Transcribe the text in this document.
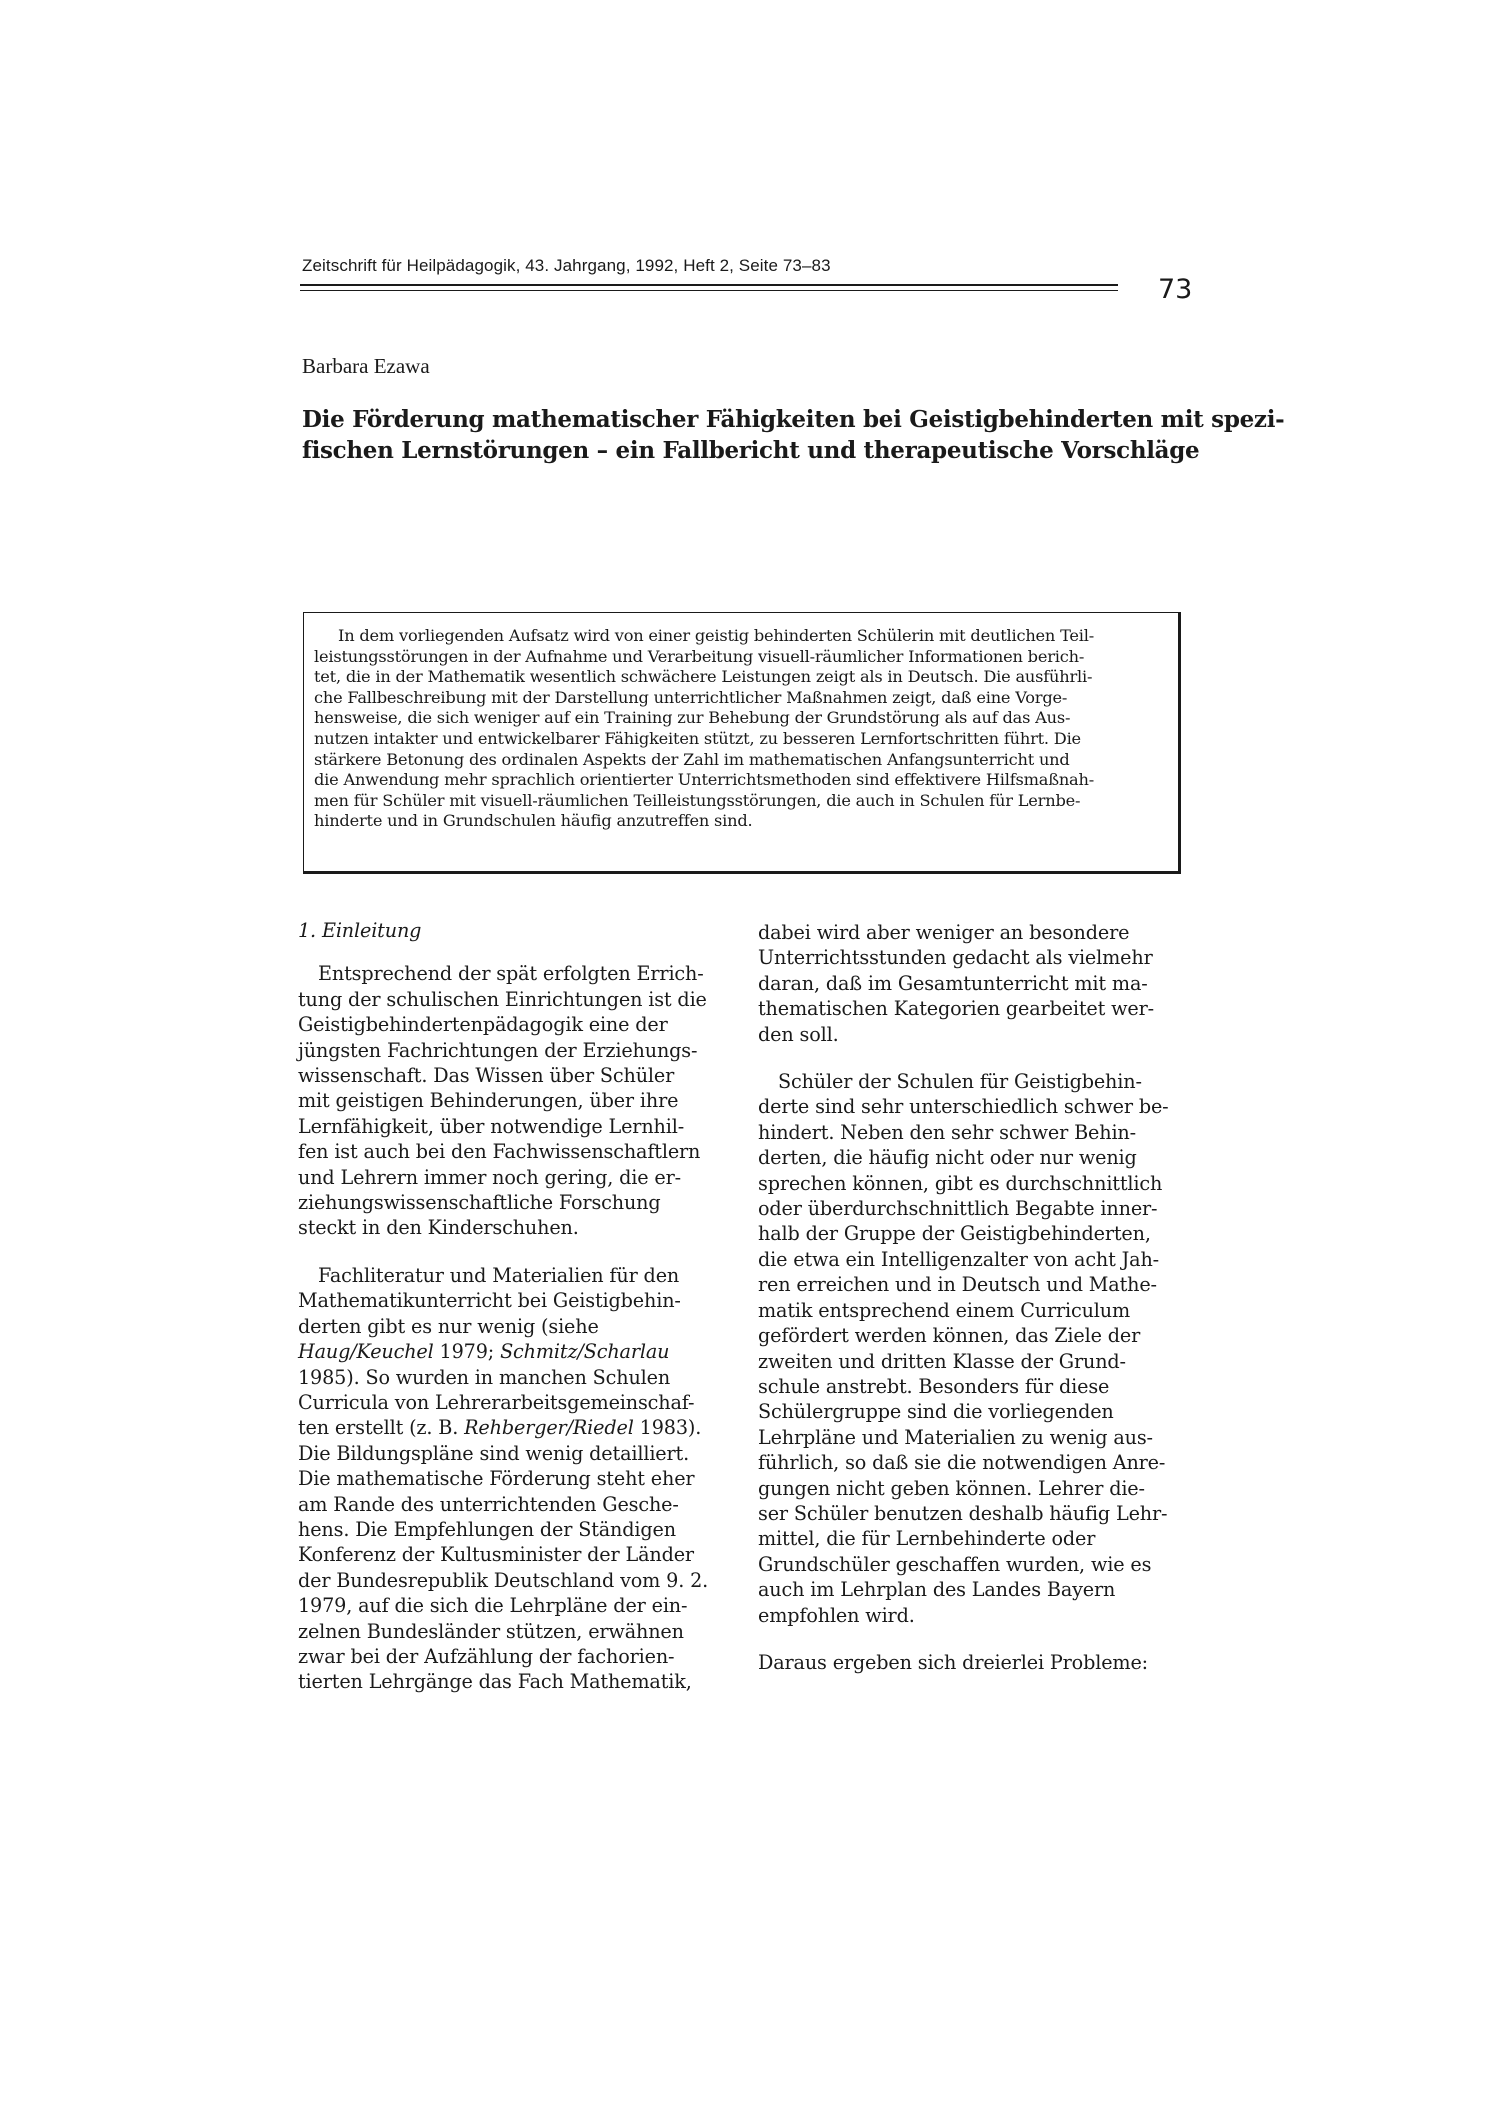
Zeitschrift für Heilpädagogik, 43. Jahrgang, 1992, Heft 2, Seite 73–83
73
Barbara Ezawa
Die Förderung mathematischer Fähigkeiten bei Geistigbehinderten mit spezi-
fischen Lernstörungen – ein Fallbericht und therapeutische Vorschläge
In dem vorliegenden Aufsatz wird von einer geistig behinderten Schülerin mit deutlichen Teil-
leistungsstörungen in der Aufnahme und Verarbeitung visuell-räumlicher Informationen berich-
tet, die in der Mathematik wesentlich schwächere Leistungen zeigt als in Deutsch. Die ausführli-
che Fallbeschreibung mit der Darstellung unterrichtlicher Maßnahmen zeigt, daß eine Vorge-
hensweise, die sich weniger auf ein Training zur Behebung der Grundstörung als auf das Aus-
nutzen intakter und entwickelbarer Fähigkeiten stützt, zu besseren Lernfortschritten führt. Die
stärkere Betonung des ordinalen Aspekts der Zahl im mathematischen Anfangsunterricht und
die Anwendung mehr sprachlich orientierter Unterrichtsmethoden sind effektivere Hilfsmaßnah-
men für Schüler mit visuell-räumlichen Teilleistungsstörungen, die auch in Schulen für Lernbe-
hinderte und in Grundschulen häufig anzutreffen sind.
1. Einleitung
Entsprechend der spät erfolgten Errich-
tung der schulischen Einrichtungen ist die
Geistigbehindertenpädagogik eine der
jüngsten Fachrichtungen der Erziehungs-
wissenschaft. Das Wissen über Schüler
mit geistigen Behinderungen, über ihre
Lernfähigkeit, über notwendige Lernhil-
fen ist auch bei den Fachwissenschaftlern
und Lehrern immer noch gering, die er-
ziehungswissenschaftliche Forschung
steckt in den Kinderschuhen.
Fachliteratur und Materialien für den
Mathematikunterricht bei Geistigbehin-
derten gibt es nur wenig (siehe
Haug/Keuchel 1979; Schmitz/Scharlau
1985). So wurden in manchen Schulen
Curricula von Lehrerarbeitsgemeinschaf-
ten erstellt (z. B. Rehberger/Riedel 1983).
Die Bildungspläne sind wenig detailliert.
Die mathematische Förderung steht eher
am Rande des unterrichtenden Gesche-
hens. Die Empfehlungen der Ständigen
Konferenz der Kultusminister der Länder
der Bundesrepublik Deutschland vom 9. 2.
1979, auf die sich die Lehrpläne der ein-
zelnen Bundesländer stützen, erwähnen
zwar bei der Aufzählung der fachorien-
tierten Lehrgänge das Fach Mathematik,
dabei wird aber weniger an besondere
Unterrichtsstunden gedacht als vielmehr
daran, daß im Gesamtunterricht mit ma-
thematischen Kategorien gearbeitet wer-
den soll.
Schüler der Schulen für Geistigbehin-
derte sind sehr unterschiedlich schwer be-
hindert. Neben den sehr schwer Behin-
derten, die häufig nicht oder nur wenig
sprechen können, gibt es durchschnittlich
oder überdurchschnittlich Begabte inner-
halb der Gruppe der Geistigbehinderten,
die etwa ein Intelligenzalter von acht Jah-
ren erreichen und in Deutsch und Mathe-
matik entsprechend einem Curriculum
gefördert werden können, das Ziele der
zweiten und dritten Klasse der Grund-
schule anstrebt. Besonders für diese
Schülergruppe sind die vorliegenden
Lehrpläne und Materialien zu wenig aus-
führlich, so daß sie die notwendigen Anre-
gungen nicht geben können. Lehrer die-
ser Schüler benutzen deshalb häufig Lehr-
mittel, die für Lernbehinderte oder
Grundschüler geschaffen wurden, wie es
auch im Lehrplan des Landes Bayern
empfohlen wird.
Daraus ergeben sich dreierlei Probleme:
